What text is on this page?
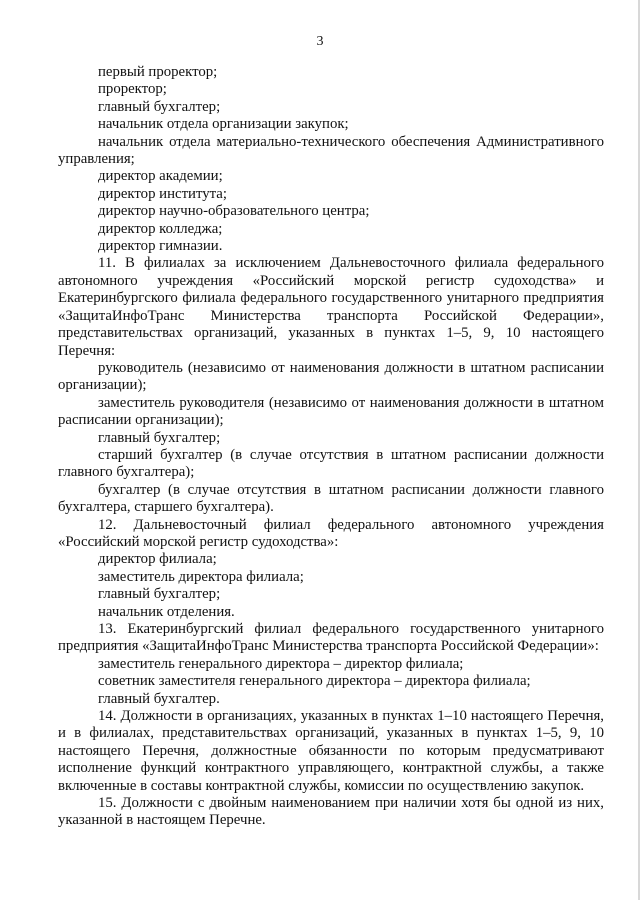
3

первый проректор;

проректор;

главный бухгалтер;

начальник отдела организации закупок;

начальник отдела материально-технического обеспечения Административного управления;

директор академии;

директор института;

директор научно-образовательного центра;

директор колледжа;

директор гимназии.

11. В филиалах за исключением Дальневосточного филиала федерального автономного учреждения «Российский морской регистр судоходства» и Екатеринбургского филиала федерального государственного унитарного предприятия «ЗащитаИнфоТранс Министерства транспорта Российской Федерации», представительствах организаций, указанных в пунктах 1–5, 9, 10 настоящего Перечня:

руководитель (независимо от наименования должности в штатном расписании организации);

заместитель руководителя (независимо от наименования должности в штатном расписании организации);

главный бухгалтер;

старший бухгалтер (в случае отсутствия в штатном расписании должности главного бухгалтера);

бухгалтер (в случае отсутствия в штатном расписании должности главного бухгалтера, старшего бухгалтера).

12. Дальневосточный филиал федерального автономного учреждения «Российский морской регистр судоходства»:

директор филиала;

заместитель директора филиала;

главный бухгалтер;

начальник отделения.

13. Екатеринбургский филиал федерального государственного унитарного предприятия «ЗащитаИнфоТранс Министерства транспорта Российской Федерации»:

заместитель генерального директора – директор филиала;

советник заместителя генерального директора – директора филиала;

главный бухгалтер.

14. Должности в организациях, указанных в пунктах 1–10 настоящего Перечня, и в филиалах, представительствах организаций, указанных в пунктах 1–5, 9, 10 настоящего Перечня, должностные обязанности по которым предусматривают исполнение функций контрактного управляющего, контрактной службы, а также включенные в составы контрактной службы, комиссии по осуществлению закупок.

15. Должности с двойным наименованием при наличии хотя бы одной из них, указанной в настоящем Перечне.
